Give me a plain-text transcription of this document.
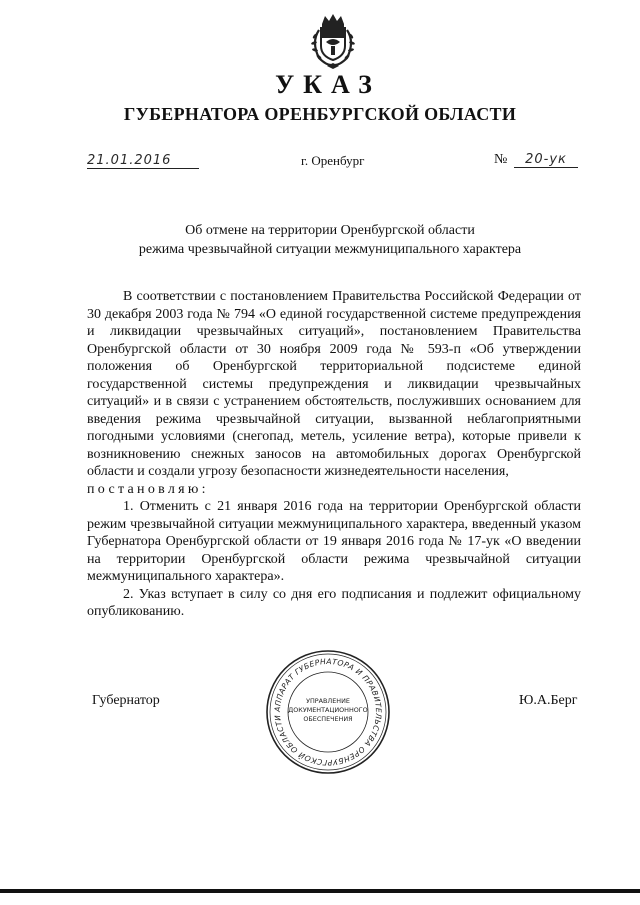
УКАЗ
ГУБЕРНАТОРА ОРЕНБУРГСКОЙ ОБЛАСТИ
21.01.2016	г. Оренбург	№	20-ук

Об отмене на территории Оренбургской области

режима чрезвычайной ситуации межмуниципального характера

В соответствии с постановлением Правительства Российской Федерации от 30 декабря 2003 года № 794 «О единой государственной системе предупреждения и ликвидации чрезвычайных ситуаций», постановлением Правительства Оренбургской области от 30 ноября 2009 года № 593-п «Об утверждении положения об Оренбургской территориальной подсистеме единой государственной системы предупреждения и ликвидации чрезвычайных ситуаций» и в связи с устранением обстоятельств, послуживших основанием для введения режима чрезвычайной ситуации, вызванной неблагоприятными погодными условиями (снегопад, метель, усиление ветра), которые привели к возникновению снежных заносов на автомобильных дорогах Оренбургской области и создали угрозу безопасности жизнедеятельности населения,

постановляю:

1. Отменить с 21 января 2016 года на территории Оренбургской области режим чрезвычайной ситуации межмуниципального характера, введенный указом Губернатора Оренбургской области от 19 января 2016 года № 17-ук «О введении на территории Оренбургской области режима чрезвычайной ситуации межмуниципального характера».

2. Указ вступает в силу со дня его подписания и подлежит официальному опубликованию.

Губернатор
АППАРАТ ГУБЕРНАТОРА И ПРАВИТЕЛЬСТВА ОРЕНБУРГСКОЙ ОБЛАСТИ
УПРАВЛЕНИЕ
ДОКУМЕНТАЦИОННОГО
ОБЕСПЕЧЕНИЯ
Ю.А.Берг
